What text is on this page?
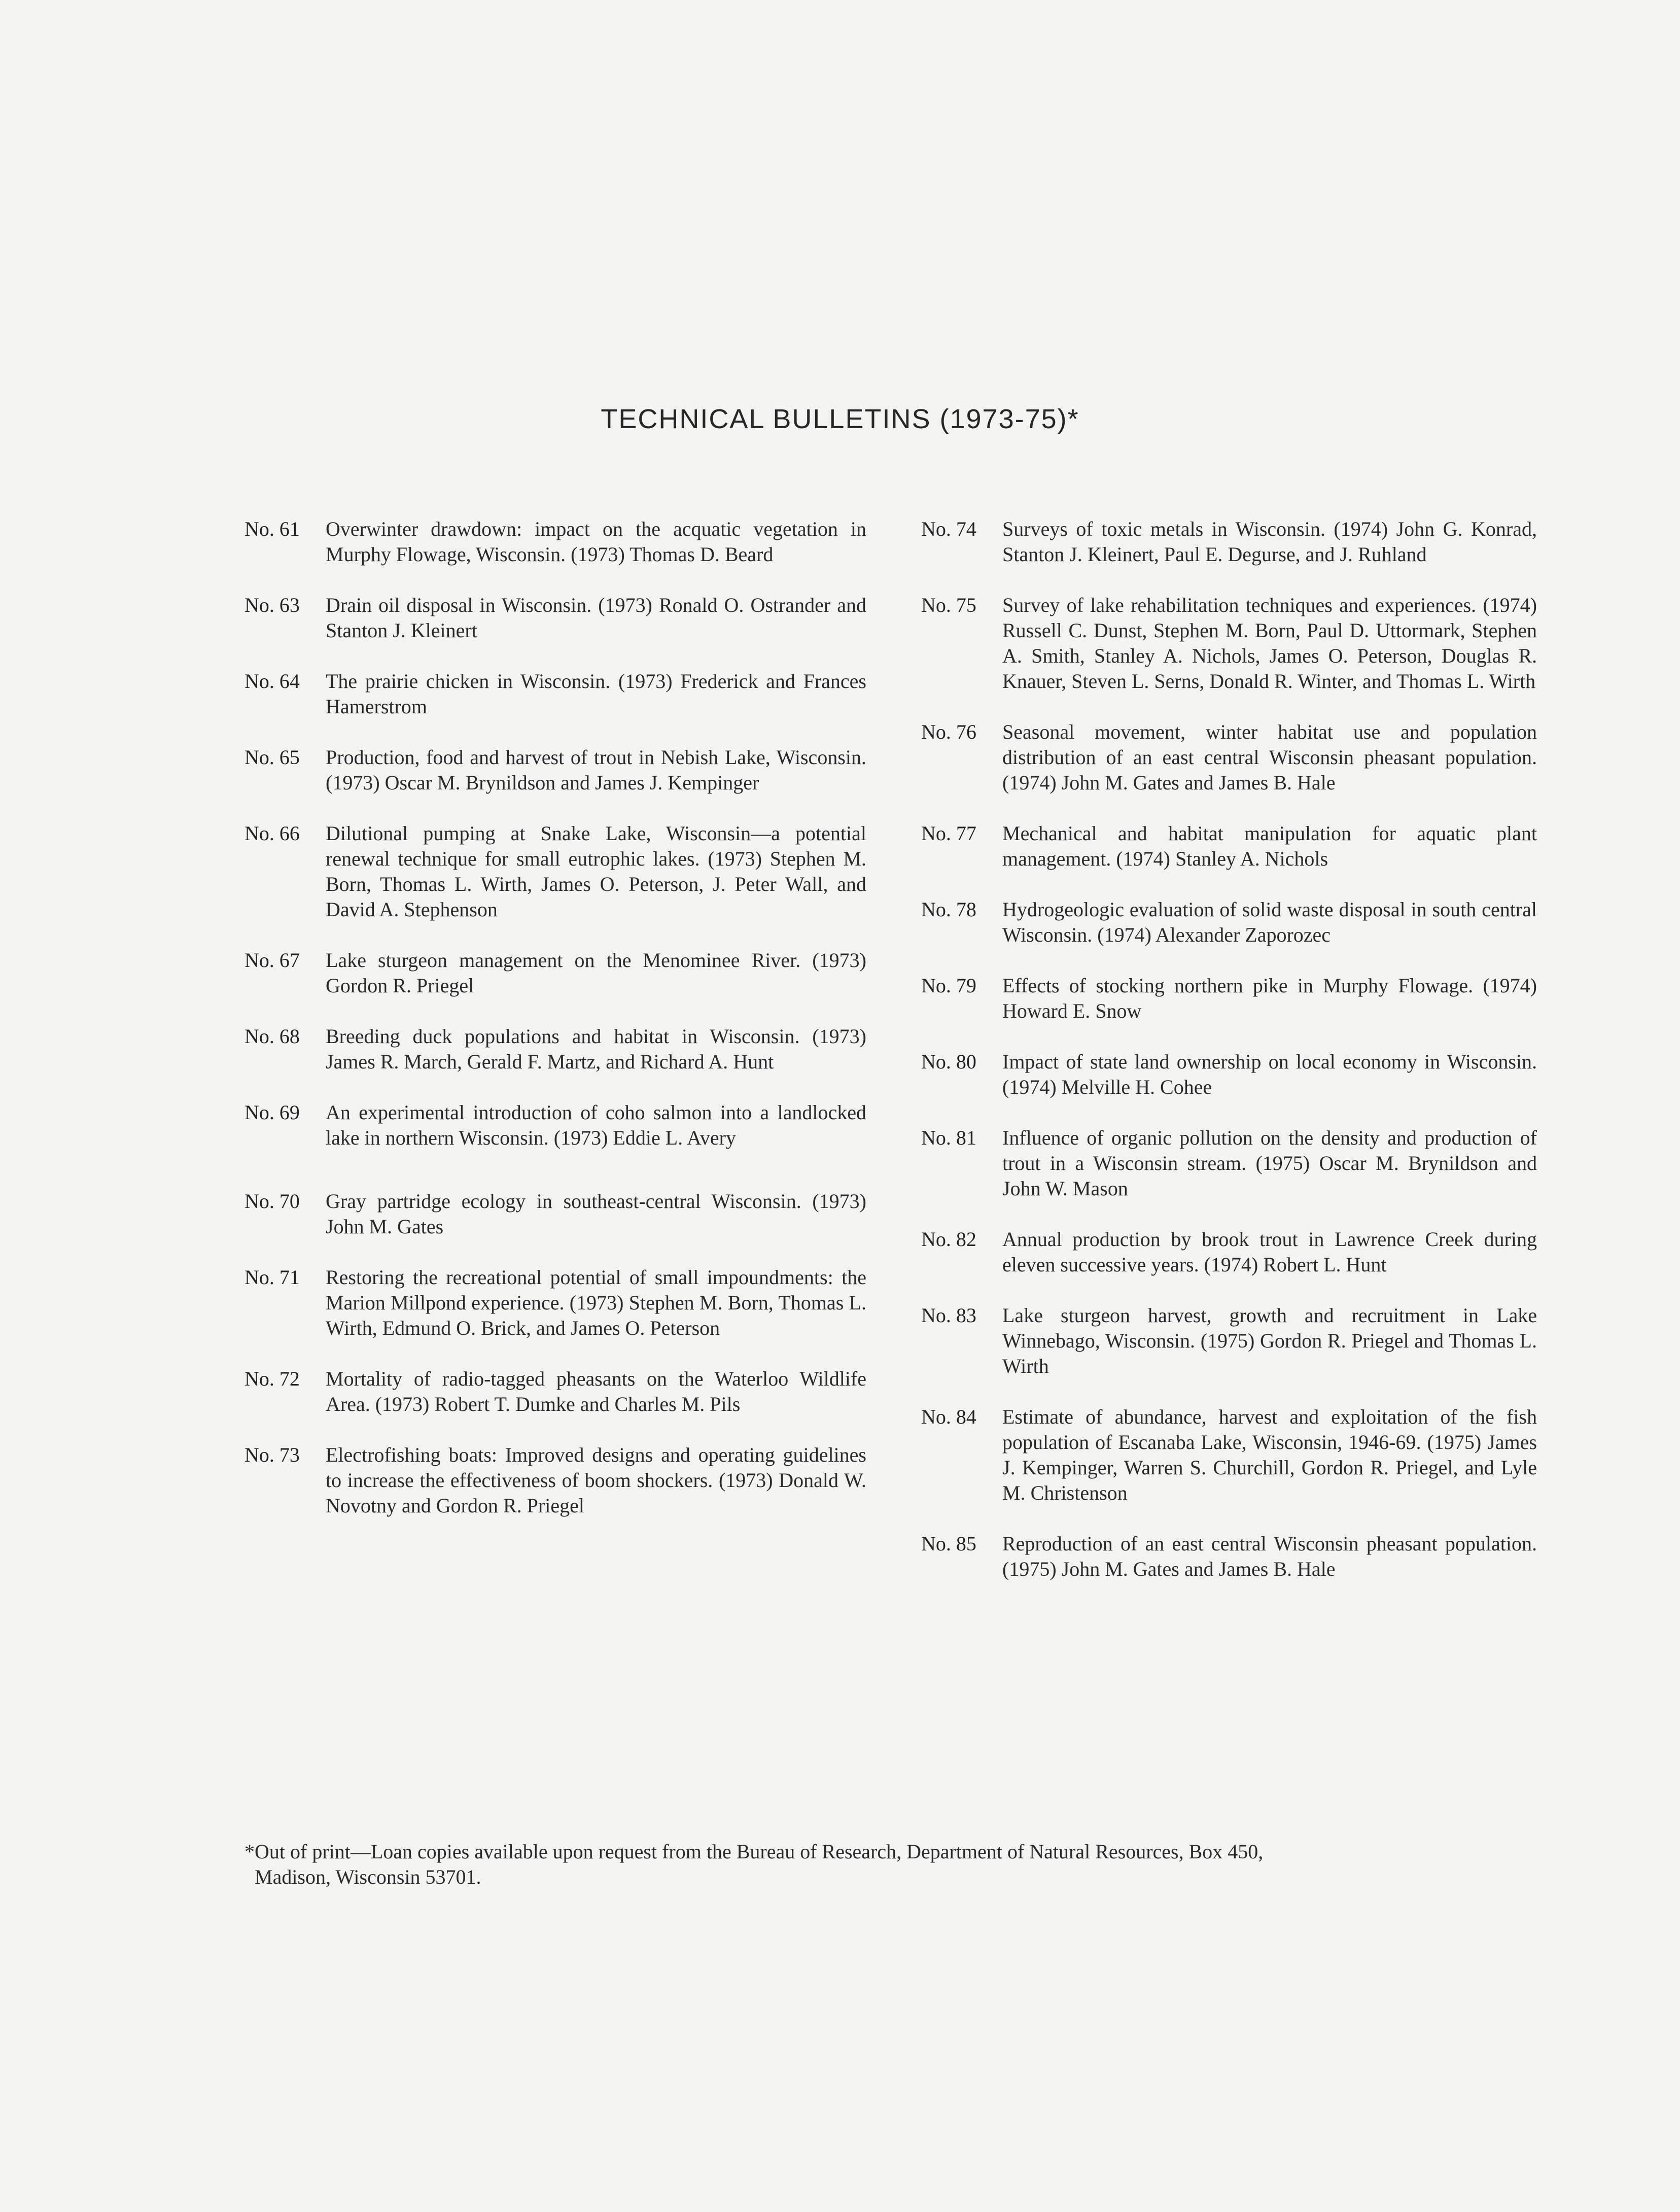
TECHNICAL BULLETINS (1973-75)*
No. 61	Overwinter drawdown: impact on the acquatic vegetation in Murphy Flowage, Wisconsin. (1973) Thomas D. Beard
No. 63	Drain oil disposal in Wisconsin. (1973) Ronald O. Ostrander and Stanton J. Kleinert
No. 64	The prairie chicken in Wisconsin. (1973) Frederick and Frances Hamerstrom
No. 65	Production, food and harvest of trout in Nebish Lake, Wisconsin. (1973) Oscar M. Brynildson and James J. Kempinger
No. 66	Dilutional pumping at Snake Lake, Wisconsin—a potential renewal technique for small eutrophic lakes. (1973) Stephen M. Born, Thomas L. Wirth, James O. Peterson, J. Peter Wall, and David A. Stephenson
No. 67	Lake sturgeon management on the Menominee River. (1973) Gordon R. Priegel
No. 68	Breeding duck populations and habitat in Wisconsin. (1973) James R. March, Gerald F. Martz, and Richard A. Hunt
No. 69	An experimental introduction of coho salmon into a landlocked lake in northern Wisconsin. (1973) Eddie L. Avery
No. 70	Gray partridge ecology in southeast-central Wisconsin. (1973) John M. Gates
No. 71	Restoring the recreational potential of small impoundments: the Marion Millpond experience. (1973) Stephen M. Born, Thomas L. Wirth, Edmund O. Brick, and James O. Peterson
No. 72	Mortality of radio-tagged pheasants on the Waterloo Wildlife Area. (1973) Robert T. Dumke and Charles M. Pils
No. 73	Electrofishing boats: Improved designs and operating guidelines to increase the effectiveness of boom shockers. (1973) Donald W. Novotny and Gordon R. Priegel
No. 74	Surveys of toxic metals in Wisconsin. (1974) John G. Konrad, Stanton J. Kleinert, Paul E. Degurse, and J. Ruhland
No. 75	Survey of lake rehabilitation techniques and experiences. (1974) Russell C. Dunst, Stephen M. Born, Paul D. Uttormark, Stephen A. Smith, Stanley A. Nichols, James O. Peterson, Douglas R. Knauer, Steven L. Serns, Donald R. Winter, and Thomas L. Wirth
No. 76	Seasonal movement, winter habitat use and population distribution of an east central Wisconsin pheasant population. (1974) John M. Gates and James B. Hale
No. 77	Mechanical and habitat manipulation for aquatic plant management. (1974) Stanley A. Nichols
No. 78	Hydrogeologic evaluation of solid waste disposal in south central Wisconsin. (1974) Alexander Zaporozec
No. 79	Effects of stocking northern pike in Murphy Flowage. (1974) Howard E. Snow
No. 80	Impact of state land ownership on local economy in Wisconsin. (1974) Melville H. Cohee
No. 81	Influence of organic pollution on the density and production of trout in a Wisconsin stream. (1975) Oscar M. Brynildson and John W. Mason
No. 82	Annual production by brook trout in Lawrence Creek during eleven successive years. (1974) Robert L. Hunt
No. 83	Lake sturgeon harvest, growth and recruitment in Lake Winnebago, Wisconsin. (1975) Gordon R. Priegel and Thomas L. Wirth
No. 84	Estimate of abundance, harvest and exploitation of the fish population of Escanaba Lake, Wisconsin, 1946-69. (1975) James J. Kempinger, Warren S. Churchill, Gordon R. Priegel, and Lyle M. Christenson
No. 85	Reproduction of an east central Wisconsin pheasant population. (1975) John M. Gates and James B. Hale
*Out of print—Loan copies available upon request from the Bureau of Research, Department of Natural Resources, Box 450,
Madison, Wisconsin 53701.
